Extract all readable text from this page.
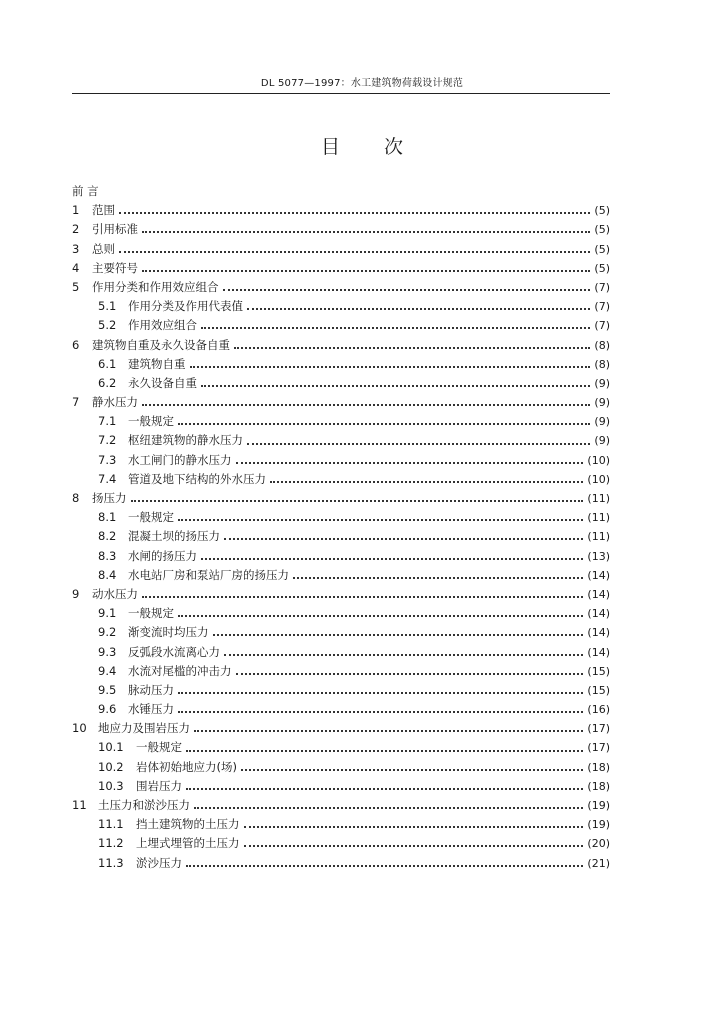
DL 5077—1997：水工建筑物荷载设计规范
目次
前 言
1	范围	(5)
2	引用标准	(5)
3	总则	(5)
4	主要符号	(5)
5	作用分类和作用效应组合	(7)
5.1	作用分类及作用代表值	(7)
5.2	作用效应组合	(7)
6	建筑物自重及永久设备自重	(8)
6.1	建筑物自重	(8)
6.2	永久设备自重	(9)
7	静水压力	(9)
7.1	一般规定	(9)
7.2	枢纽建筑物的静水压力	(9)
7.3	水工闸门的静水压力	(10)
7.4	管道及地下结构的外水压力	(10)
8	扬压力	(11)
8.1	一般规定	(11)
8.2	混凝土坝的扬压力	(11)
8.3	水闸的扬压力	(13)
8.4	水电站厂房和泵站厂房的扬压力	(14)
9	动水压力	(14)
9.1	一般规定	(14)
9.2	渐变流时均压力	(14)
9.3	反弧段水流离心力	(14)
9.4	水流对尾槛的冲击力	(15)
9.5	脉动压力	(15)
9.6	水锤压力	(16)
10 地应力及围岩压力	(17)
10.1	一般规定	(17)
10.2	岩体初始地应力(场)	(18)
10.3	围岩压力	(18)
11 土压力和淤沙压力	(19)
11.1	挡土建筑物的土压力	(19)
11.2	上埋式埋管的土压力	(20)
11.3	淤沙压力	(21)
